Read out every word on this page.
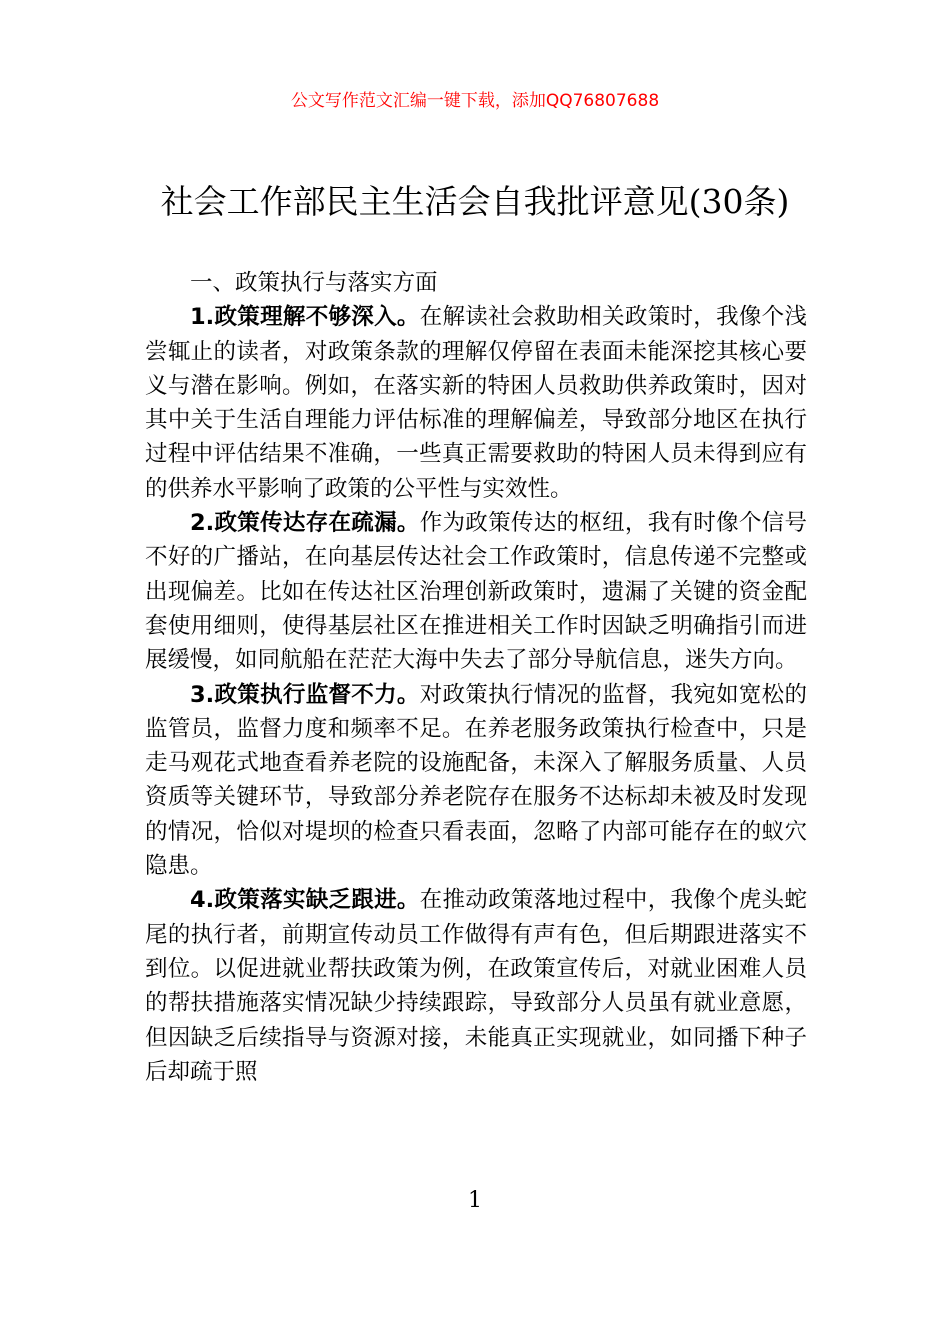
公文写作范文汇编一键下载，添加QQ76807688
社会工作部民主生活会自我批评意见(30条)

一、政策执行与落实方面

1.政策理解不够深入。在解读社会救助相关政策时，我像个浅尝辄止的读者，对政策条款的理解仅停留在表面未能深挖其核心要义与潜在影响。例如，在落实新的特困人员救助供养政策时，因对其中关于生活自理能力评估标准的理解偏差，导致部分地区在执行过程中评估结果不准确，一些真正需要救助的特困人员未得到应有的供养水平影响了政策的公平性与实效性。

2.政策传达存在疏漏。作为政策传达的枢纽，我有时像个信号不好的广播站，在向基层传达社会工作政策时，信息传递不完整或出现偏差。比如在传达社区治理创新政策时，遗漏了关键的资金配套使用细则，使得基层社区在推进相关工作时因缺乏明确指引而进展缓慢，如同航船在茫茫大海中失去了部分导航信息，迷失方向。

3.政策执行监督不力。对政策执行情况的监督，我宛如宽松的监管员，监督力度和频率不足。在养老服务政策执行检查中，只是走马观花式地查看养老院的设施配备，未深入了解服务质量、人员资质等关键环节，导致部分养老院存在服务不达标却未被及时发现的情况，恰似对堤坝的检查只看表面，忽略了内部可能存在的蚁穴隐患。

4.政策落实缺乏跟进。在推动政策落地过程中，我像个虎头蛇尾的执行者，前期宣传动员工作做得有声有色，但后期跟进落实不到位。以促进就业帮扶政策为例，在政策宣传后，对就业困难人员的帮扶措施落实情况缺少持续跟踪，导致部分人员虽有就业意愿，但因缺乏后续指导与资源对接，未能真正实现就业，如同播下种子后却疏于照

1
